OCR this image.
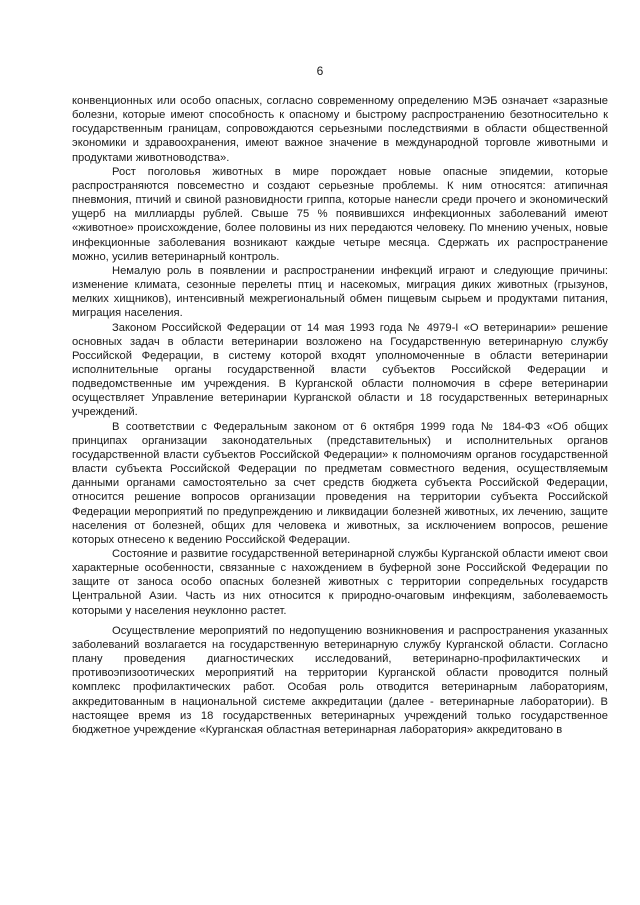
6

конвенционных или особо опасных, согласно современному определению МЭБ означает «заразные болезни, которые имеют способность к опасному и быстрому распространению безотносительно к государственным границам, сопровождаются серьезными последствиями в области общественной экономики и здравоохранения, имеют важное значение в международной торговле животными и продуктами животноводства».

Рост поголовья животных в мире порождает новые опасные эпидемии, которые распространяются повсеместно и создают серьезные проблемы. К ним относятся: атипичная пневмония, птичий и свиной разновидности гриппа, которые нанесли среди прочего и экономический ущерб на миллиарды рублей. Свыше 75 % появившихся инфекционных заболеваний имеют «животное» происхождение, более половины из них передаются человеку. По мнению ученых, новые инфекционные заболевания возникают каждые четыре месяца. Сдержать их распространение можно, усилив ветеринарный контроль.

Немалую роль в появлении и распространении инфекций играют и следующие причины: изменение климата, сезонные перелеты птиц и насекомых, миграция диких животных (грызунов, мелких хищников), интенсивный межрегиональный обмен пищевым сырьем и продуктами питания, миграция населения.

Законом Российской Федерации от 14 мая 1993 года № 4979-I «О ветеринарии» решение основных задач в области ветеринарии возложено на Государственную ветеринарную службу Российской Федерации, в систему которой входят уполномоченные в области ветеринарии исполнительные органы государственной власти субъектов Российской Федерации и подведомственные им учреждения. В Курганской области полномочия в сфере ветеринарии осуществляет Управление ветеринарии Курганской области и 18 государственных ветеринарных учреждений.

В соответствии с Федеральным законом от 6 октября 1999 года № 184-ФЗ «Об общих принципах организации законодательных (представительных) и исполнительных органов государственной власти субъектов Российской Федерации» к полномочиям органов государственной власти субъекта Российской Федерации по предметам совместного ведения, осуществляемым данными органами самостоятельно за счет средств бюджета субъекта Российской Федерации, относится решение вопросов организации проведения на территории субъекта Российской Федерации мероприятий по предупреждению и ликвидации болезней животных, их лечению, защите населения от болезней, общих для человека и животных, за исключением вопросов, решение которых отнесено к ведению Российской Федерации.

Состояние и развитие государственной ветеринарной службы Курганской области имеют свои характерные особенности, связанные с нахождением в буферной зоне Российской Федерации по защите от заноса особо опасных болезней животных с территории сопредельных государств Центральной Азии. Часть из них относится к природно-очаговым инфекциям, заболеваемость которыми у населения неуклонно растет.

Осуществление мероприятий по недопущению возникновения и распространения указанных заболеваний возлагается на государственную ветеринарную службу Курганской области. Согласно плану проведения диагностических исследований, ветеринарно-профилактических и противоэпизоотических мероприятий на территории Курганской области проводится полный комплекс профилактических работ. Особая роль отводится ветеринарным лабораториям, аккредитованным в национальной системе аккредитации (далее - ветеринарные лаборатории). В настоящее время из 18 государственных ветеринарных учреждений только государственное бюджетное учреждение «Курганская областная ветеринарная лаборатория» аккредитовано в
